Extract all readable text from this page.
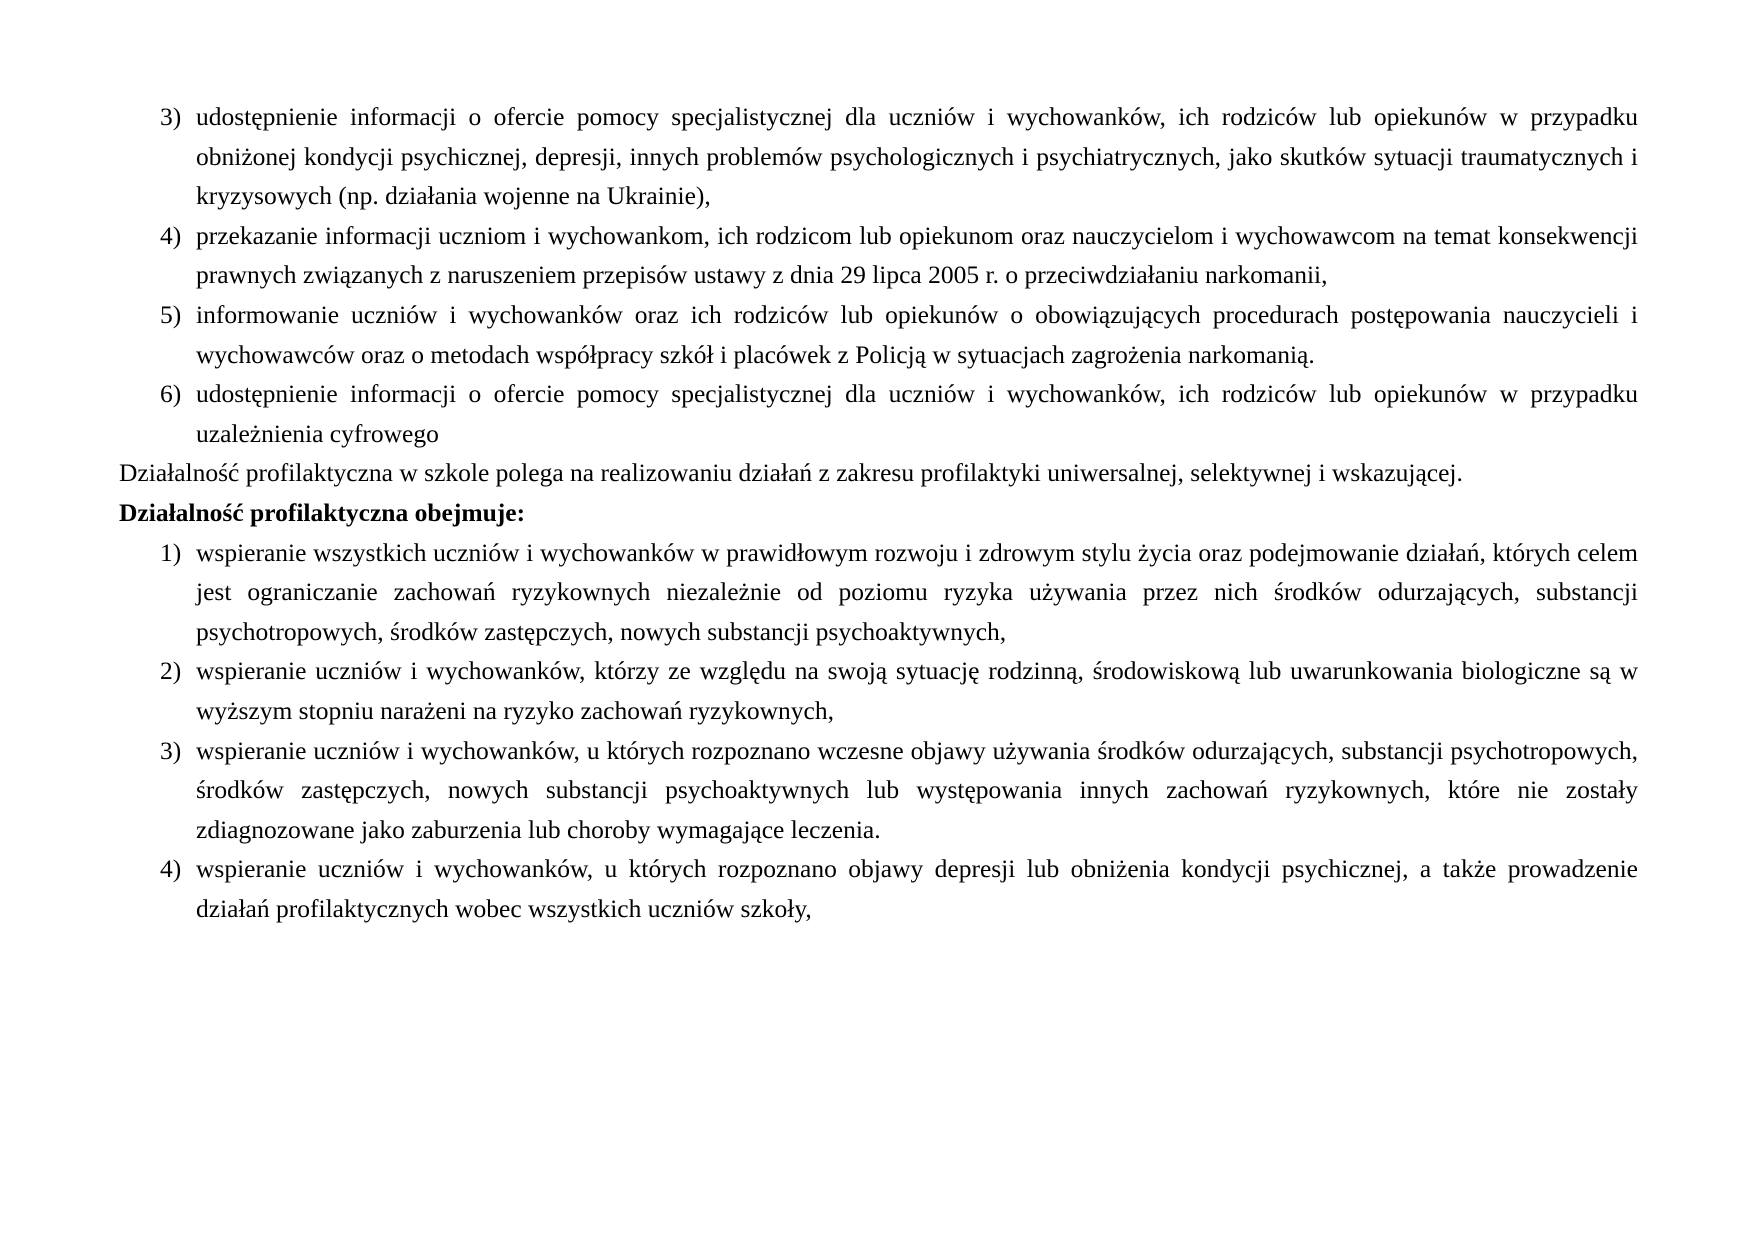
3) udostępnienie informacji o ofercie pomocy specjalistycznej dla uczniów i wychowanków, ich rodziców lub opiekunów w przypadku obniżonej kondycji psychicznej, depresji, innych problemów psychologicznych i psychiatrycznych, jako skutków sytuacji traumatycznych i kryzysowych (np. działania wojenne na Ukrainie),
4) przekazanie informacji uczniom i wychowankom, ich rodzicom lub opiekunom oraz nauczycielom i wychowawcom na temat konsekwencji prawnych związanych z naruszeniem przepisów ustawy z dnia 29 lipca 2005 r. o przeciwdziałaniu narkomanii,
5) informowanie uczniów i wychowanków oraz ich rodziców lub opiekunów o obowiązujących procedurach postępowania nauczycieli i wychowawców oraz o metodach współpracy szkół i placówek z Policją w sytuacjach zagrożenia narkomanią.
6) udostępnienie informacji o ofercie pomocy specjalistycznej dla uczniów i wychowanków, ich rodziców lub opiekunów w przypadku uzależnienia cyfrowego

Działalność profilaktyczna w szkole polega na realizowaniu działań z zakresu profilaktyki uniwersalnej, selektywnej i wskazującej.

Działalność profilaktyczna obejmuje:

1) wspieranie wszystkich uczniów i wychowanków w prawidłowym rozwoju i zdrowym stylu życia oraz podejmowanie działań, których celem jest ograniczanie zachowań ryzykownych niezależnie od poziomu ryzyka używania przez nich środków odurzających, substancji psychotropowych, środków zastępczych, nowych substancji psychoaktywnych,
2) wspieranie uczniów i wychowanków, którzy ze względu na swoją sytuację rodzinną, środowiskową lub uwarunkowania biologiczne są w wyższym stopniu narażeni na ryzyko zachowań ryzykownych,
3) wspieranie uczniów i wychowanków, u których rozpoznano wczesne objawy używania środków odurzających, substancji psychotropowych, środków zastępczych, nowych substancji psychoaktywnych lub występowania innych zachowań ryzykownych, które nie zostały zdiagnozowane jako zaburzenia lub choroby wymagające leczenia.
4) wspieranie uczniów i wychowanków, u których rozpoznano objawy depresji lub obniżenia kondycji psychicznej, a także prowadzenie działań profilaktycznych wobec wszystkich uczniów szkoły,
